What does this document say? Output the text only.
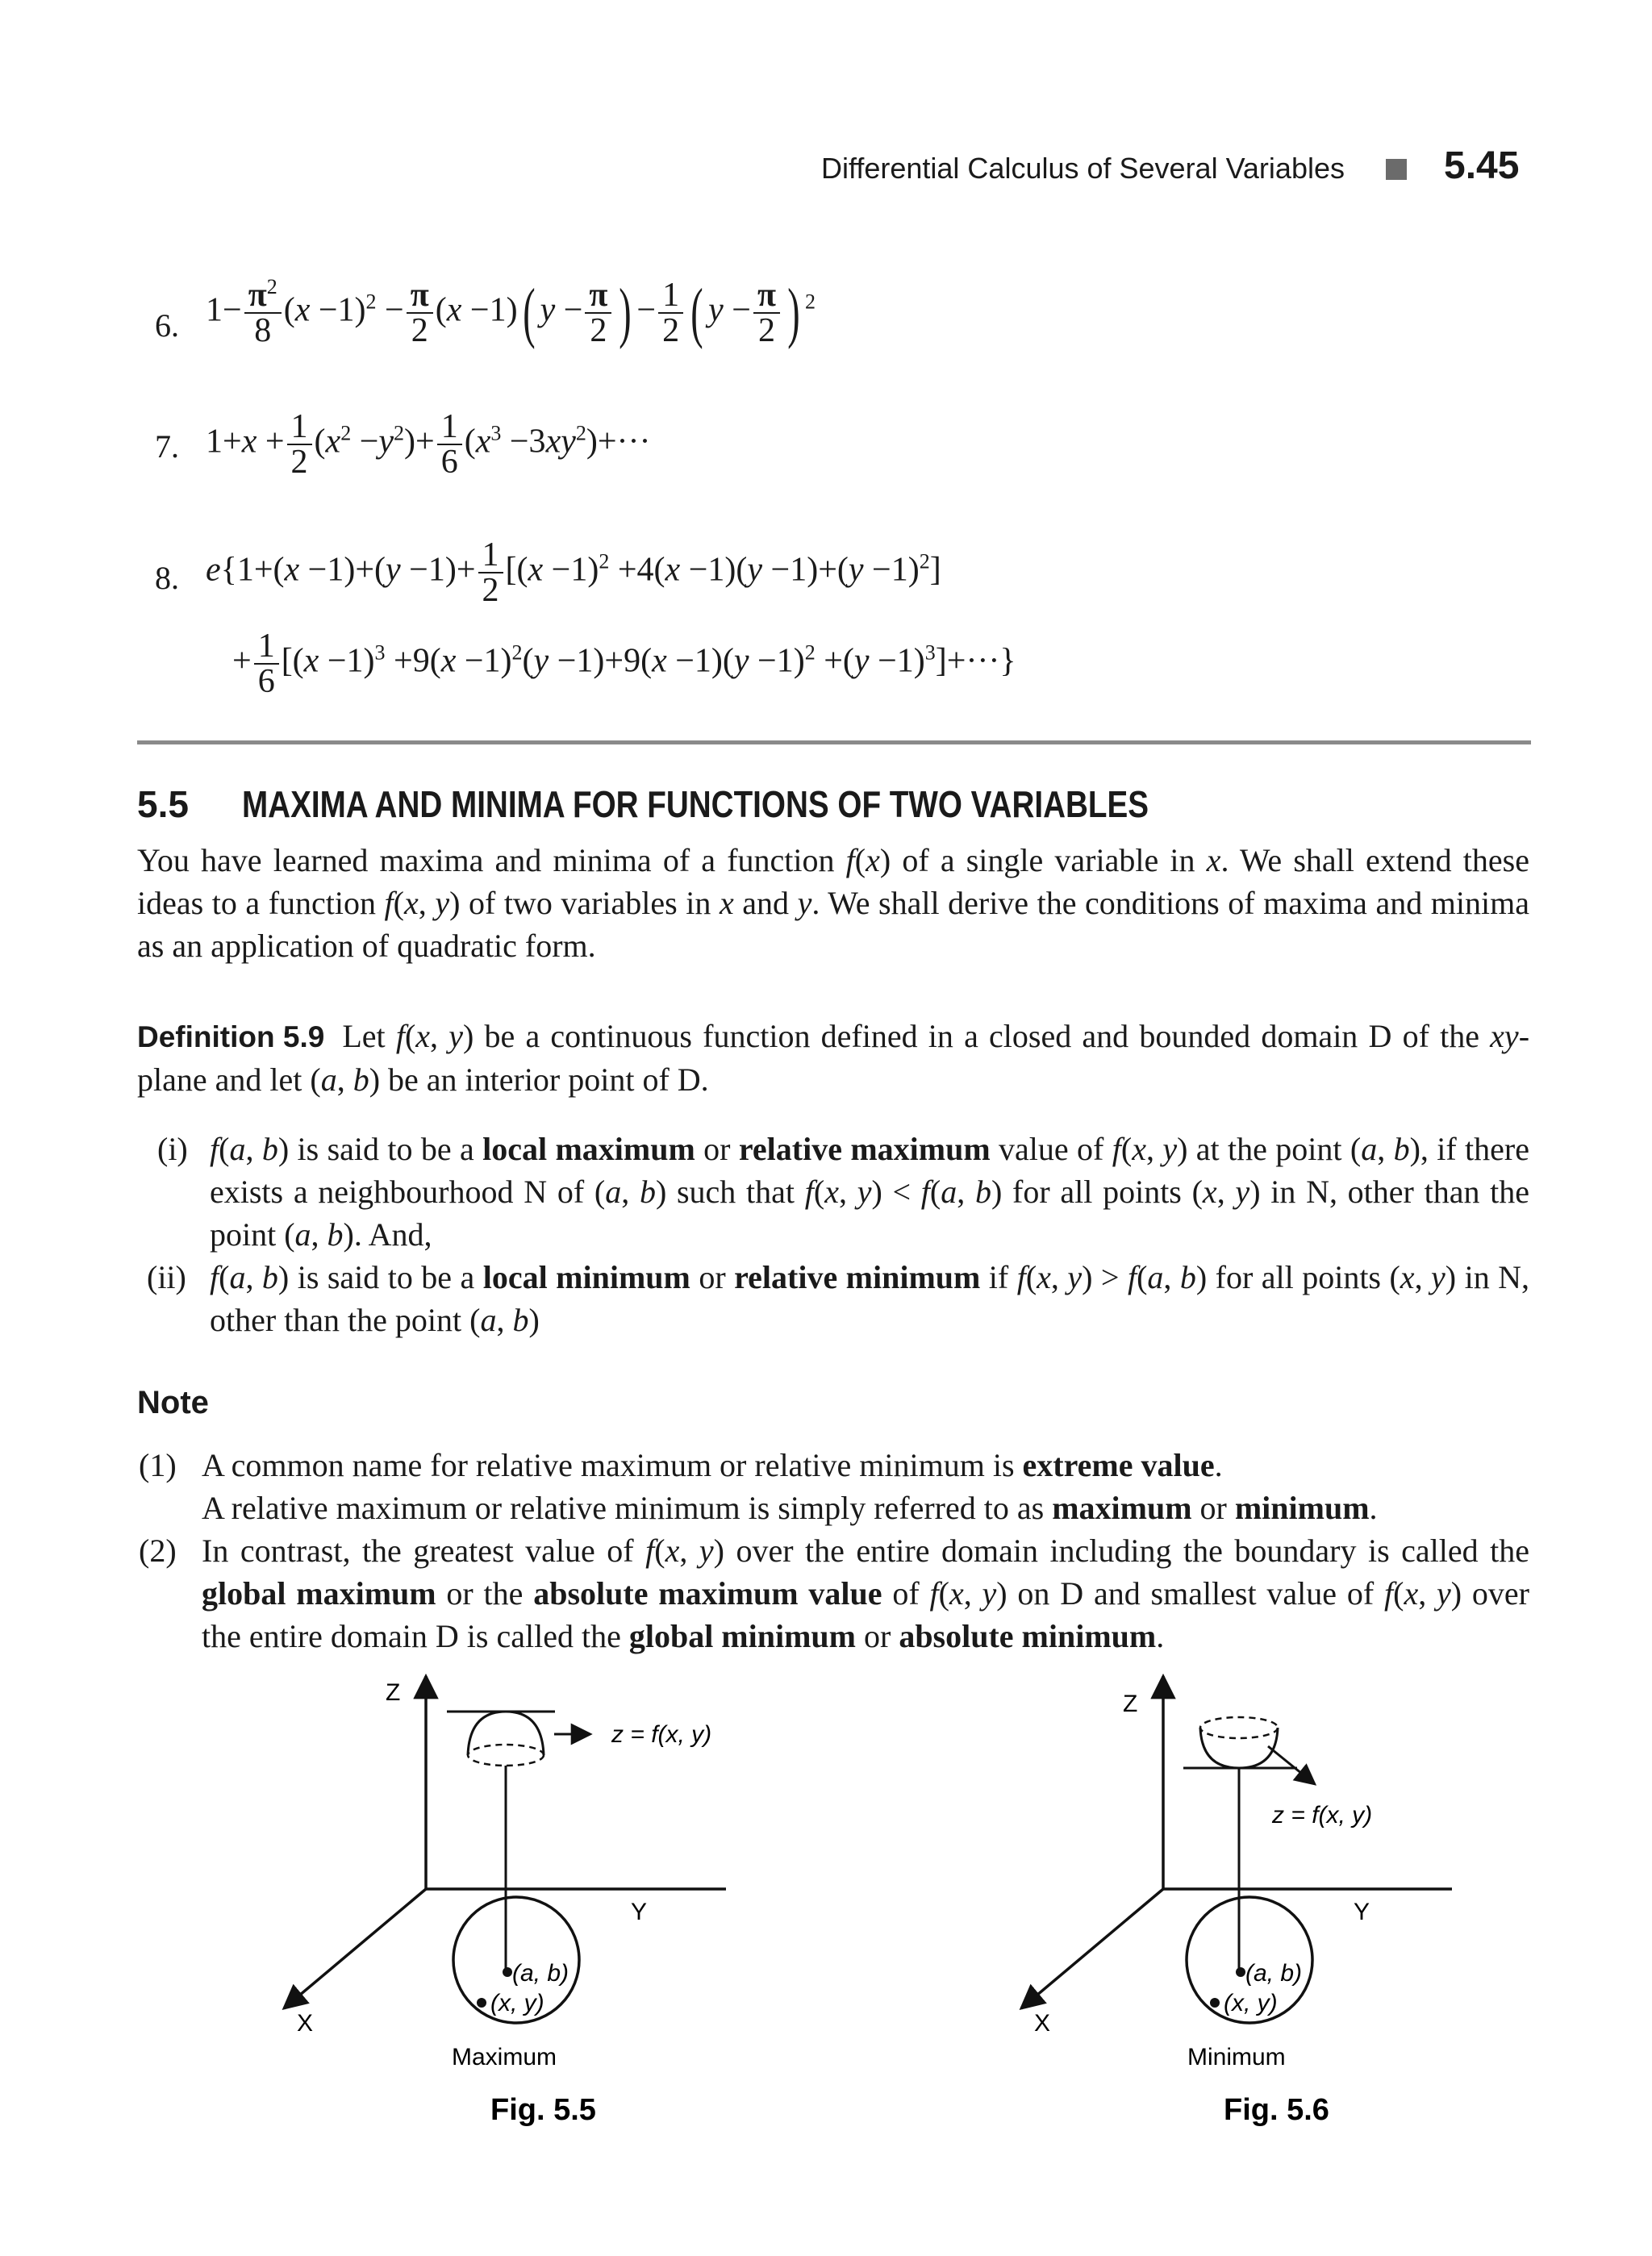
Differential Calculus of Several Variables	5.45
6. $1- \frac{\pi^2}{8} (x -1)^2 - \frac{\pi}{2} (x -1)$( $y - \frac{\pi}{2}$ ) − $\frac{1}{2}$ ( $y - \frac{\pi}{2}$ ) $^2$
7. $1+x + \frac{1}{2} (x^2 -y^2)+ \frac{1}{6} (x^3 -3xy^2)+\cdot\cdot\cdot$
8. $e\{1+(x -1)+(y -1)+ \frac{1}{2} [(x -1)^2 +4(x -1)(y -1)+(y -1)^2]$
+ $\frac{1}{6} [(x -1)^3 +9(x -1)^2(y -1)+9(x -1)(y -1)^2 +(y -1)^3]+\cdot\cdot\cdot$}
5.5 MAXIMA AND MINIMA FOR FUNCTIONS OF TWO VARIABLES
You have learned maxima and minima of a function f(x) of a single variable in x. We shall extend these ideas to a function f(x, y) of two variables in x and y. We shall derive the conditions of maxima and minima as an application of quadratic form.
Definition 5.9 Let f(x, y) be a continuous function defined in a closed and bounded domain D of the xy-plane and let (a, b) be an interior point of D.
(i) f(a, b) is said to be a local maximum or relative maximum value of f(x, y) at the point (a, b), if there exists a neighbourhood N of (a, b) such that f(x, y) < f(a, b) for all points (x, y) in N, other than the point (a, b). And,
(ii) f(a, b) is said to be a local minimum or relative minimum if f(x, y) > f(a, b) for all points (x, y) in N, other than the point (a, b)
Note
(1) A common name for relative maximum or relative minimum is extreme value.
A relative maximum or relative minimum is simply referred to as maximum or minimum.
(2) In contrast, the greatest value of f(x, y) over the entire domain including the boundary is called the global maximum or the absolute maximum value of f(x, y) on D and smallest value of f(x, y) over the entire domain D is called the global minimum or absolute minimum.
Z
X
Y
z = f(x, y)
(a, b)
(x, y)
Maximum
Fig. 5.5
Z
X
Y
z = f(x, y)
(a, b)
(x, y)
Minimum
Fig. 5.6
